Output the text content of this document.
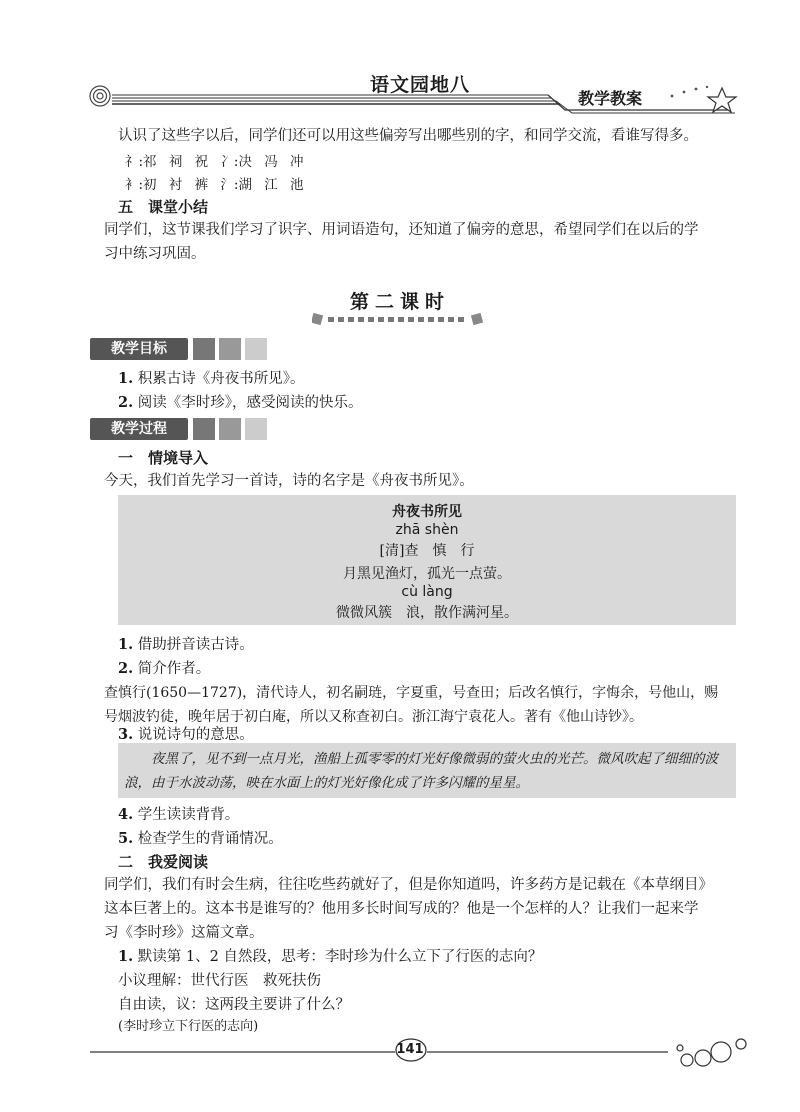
语文园地八
教学教案
认识了这些字以后，同学们还可以用这些偏旁写出哪些别的字，和同学交流，看谁写得多。
礻:祁 祠 祝 冫:决 冯 冲
衤:初 衬 裤 氵:湖 江 池
五　课堂小结
同学们，这节课我们学习了识字、用词语造句，还知道了偏旁的意思，希望同学们在以后的学
习中练习巩固。
第二课时
教学目标
1. 积累古诗《舟夜书所见》。
2. 阅读《李时珍》，感受阅读的快乐。
教学过程
一　情境导入
今天，我们首先学习一首诗，诗的名字是《舟夜书所见》。
舟夜书所见
zhā shèn
[清]查　慎　行
月黑见渔灯，孤光一点萤。
cù làng
微微风簇　浪，散作满河星。
1. 借助拼音读古诗。
2. 简介作者。
查慎行(1650—1727)，清代诗人，初名嗣琏，字夏重，号查田；后改名慎行，字悔余，号他山，赐
号烟波钓徒，晚年居于初白庵，所以又称查初白。浙江海宁袁花人。著有《他山诗钞》。
3. 说说诗句的意思。
夜黑了，见不到一点月光，渔船上孤零零的灯光好像微弱的萤火虫的光芒。微风吹起了细细的波浪，由于水波动荡，映在水面上的灯光好像化成了许多闪耀的星星。
4. 学生读读背背。
5. 检查学生的背诵情况。
二　我爱阅读
同学们，我们有时会生病，往往吃些药就好了，但是你知道吗，许多药方是记载在《本草纲目》
这本巨著上的。这本书是谁写的？他用多长时间写成的？他是一个怎样的人？让我们一起来学
习《李时珍》这篇文章。
1. 默读第 1、2 自然段，思考：李时珍为什么立下了行医的志向？
小议理解：世代行医　救死扶伤
自由读，议：这两段主要讲了什么？
(李时珍立下行医的志向)
141
